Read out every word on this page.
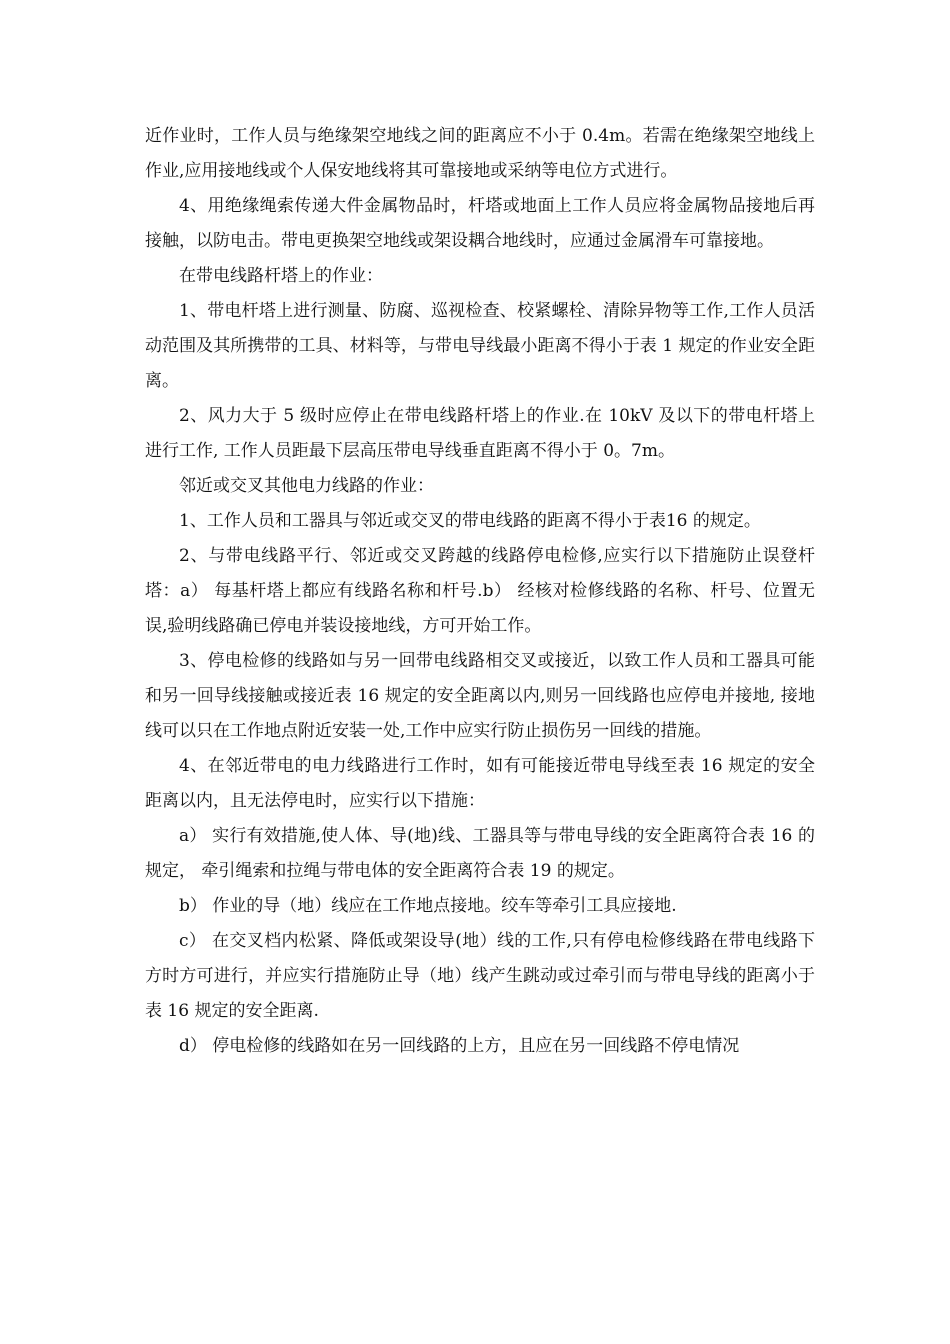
近作业时，工作人员与绝缘架空地线之间的距离应不小于 0.4m。若需在绝缘架空地线上作业,应用接地线或个人保安地线将其可靠接地或采纳等电位方式进行。

4、用绝缘绳索传递大件金属物品时，杆塔或地面上工作人员应将金属物品接地后再接触，以防电击。带电更换架空地线或架设耦合地线时，应通过金属滑车可靠接地。

在带电线路杆塔上的作业：

1、带电杆塔上进行测量、防腐、巡视检查、校紧螺栓、清除异物等工作,工作人员活动范围及其所携带的工具、材料等，与带电导线最小距离不得小于表 1 规定的作业安全距离。

2、风力大于 5 级时应停止在带电线路杆塔上的作业.在 10kV 及以下的带电杆塔上进行工作, 工作人员距最下层高压带电导线垂直距离不得小于 0。7m。

邻近或交叉其他电力线路的作业：

1、工作人员和工器具与邻近或交叉的带电线路的距离不得小于表16 的规定。

2、与带电线路平行、邻近或交叉跨越的线路停电检修,应实行以下措施防止误登杆塔：a） 每基杆塔上都应有线路名称和杆号.b） 经核对检修线路的名称、杆号、位置无误,验明线路确已停电并装设接地线，方可开始工作。

3、停电检修的线路如与另一回带电线路相交叉或接近，以致工作人员和工器具可能和另一回导线接触或接近表 16 规定的安全距离以内,则另一回线路也应停电并接地, 接地线可以只在工作地点附近安装一处,工作中应实行防止损伤另一回线的措施。

4、在邻近带电的电力线路进行工作时，如有可能接近带电导线至表 16 规定的安全距离以内，且无法停电时，应实行以下措施：

a） 实行有效措施,使人体、导(地)线、工器具等与带电导线的安全距离符合表 16 的规定， 牵引绳索和拉绳与带电体的安全距离符合表 19 的规定。

b） 作业的导（地）线应在工作地点接地。绞车等牵引工具应接地.

c） 在交叉档内松紧、降低或架设导(地）线的工作,只有停电检修线路在带电线路下方时方可进行，并应实行措施防止导（地）线产生跳动或过牵引而与带电导线的距离小于表 16 规定的安全距离.

d） 停电检修的线路如在另一回线路的上方，且应在另一回线路不停电情况
